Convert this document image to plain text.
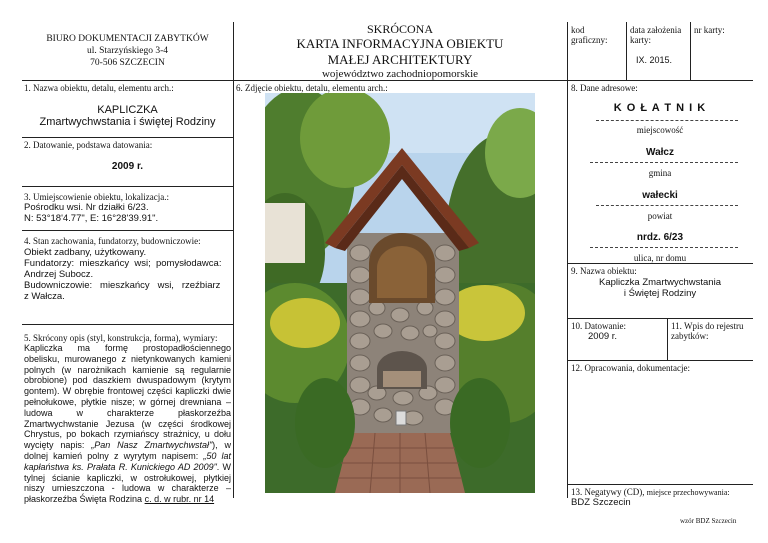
BIURO DOKUMENTACJI ZABYTKÓW
ul. Starzyńskiego 3-4
70-506 SZCZECIN
SKRÓCONA
KARTA INFORMACYJNA OBIEKTU
MAŁEJ ARCHITEKTURY
województwo zachodniopomorskie
kod graficzny:
data założenia karty:
IX. 2015.
nr karty:
1. Nazwa obiektu, detalu, elementu arch.:
KAPLICZKA
Zmartwychwstania i świętej Rodziny
2. Datowanie, podstawa datowania:
2009 r.
3. Umiejscowienie obiektu, lokalizacja.:
Pośrodku wsi. Nr działki 6/23.
N: 53°18'4.77", E: 16°28'39.91".
4. Stan zachowania, fundatorzy, budowniczowie:
Obiekt zadbany, użytkowany.
Fundatorzy:  mieszkańcy  wsi;  pomysłodawca:
Andrzej Subocz.
Budowniczowie:   mieszkańcy   wsi,   rzeźbiarz
z Wałcza.
5. Skrócony opis (styl, konstrukcja, forma), wymiary:
Kapliczka ma formę prostopadłościennego obelisku, murowanego z nietynkowanych kamieni polnych (w narożnikach kamienie są regularnie obrobione) pod daszkiem dwuspadowym (krytym gontem). W obrębie frontowej części kapliczki dwie pełnołukowe, płytkie nisze; w górnej drewniana – ludowa w charakterze płaskorzeźba Zmartwychwstanie Jezusa (w części środkowej Chrystus, po bokach rzymiańscy strażnicy, u dołu wycięty napis: „Pan Nasz Zmartwychwstał"), w dolnej kamień polny z wyrytym napisem: „50 lat kapłaństwa ks. Prałata R. Kunickiego AD 2009". W tylnej ścianie kapliczki, w ostrołukowej, płytkiej niszy umieszczona - ludowa w charakterze – płaskorzeźba Święta Rodzina c. d. w rubr. nr 14
6. Zdjęcie obiektu, detalu, elementu arch.:	8. Dane adresowe:
K O Ł A T N I K
miejscowość
Wałcz
gmina
wałecki
powiat
nrdz. 6/23
ulica, nr domu
9. Nazwa obiektu:
Kapliczka Zmartwychwstania
i Świętej Rodziny
10. Datowanie:
2009 r.
11. Wpis do rejestru zabytków:
12. Opracowania, dokumentacje:
13. Negatywy (CD), miejsce przechowywania:
BDZ Szczecin
wzór BDZ Szczecin
